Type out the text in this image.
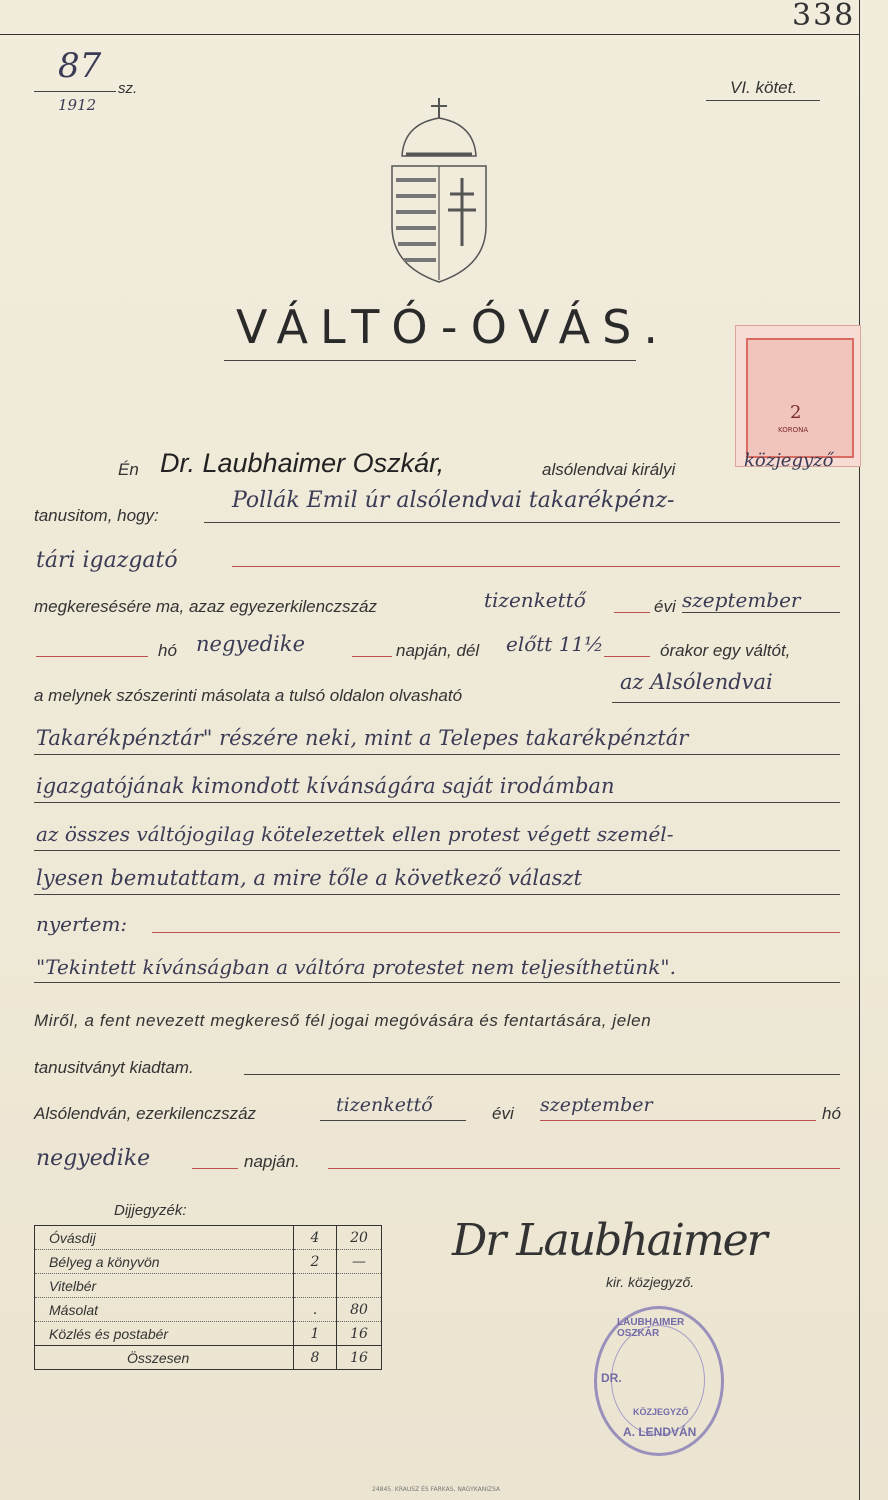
338
87
sz.
1912
VI. kötet.
VÁLTÓ-ÓVÁS.
2
KORONA
Én Dr. Laubhaimer Oszkár,	alsólendvai királyi	közjegyző
tanusitom, hogy:
Pollák Emil úr alsólendvai takarékpénz-
tári igazgató
megkeresésére ma, azaz egyezerkilenczszáz	tizenkettő	évi szeptember
hó negyedike	napján, dél előtt 11½	órakor egy váltót,
a melynek szószerinti másolata a tulsó oldalon olvasható
az Alsólendvai
Takarékpénztár" részére neki, mint a Telepes takarékpénztár
igazgatójának kimondott kívánságára saját irodámban
az összes váltójogilag kötelezettek ellen protest végett személ-
lyesen bemutattam, a mire tőle a következő választ
nyertem:
"Tekintett kívánságban a váltóra protestet nem teljesíthetünk".
Miről, a fent nevezett megkereső fél jogai megóvására és fentartására, jelen
tanusitványt kiadtam.
Alsólendván, ezerkilenczszáz	tizenkettő	évi szeptember	hó
negyedike	napján.
Dijjegyzék:
Óvásdij	4	20
Bélyeg a könyvön	2	—
Vitelbér		
Másolat	.	80
Közlés és postabér	1	16
Összesen	8	16
Dr Laubhaimer
kir. közjegyző.
LAUBHAIMER OSZKÁR
DR.
KÖZJEGYZŐ
A. LENDVÁN
24845. KRAUSZ ÉS FARKAS, NAGYKANIZSA
